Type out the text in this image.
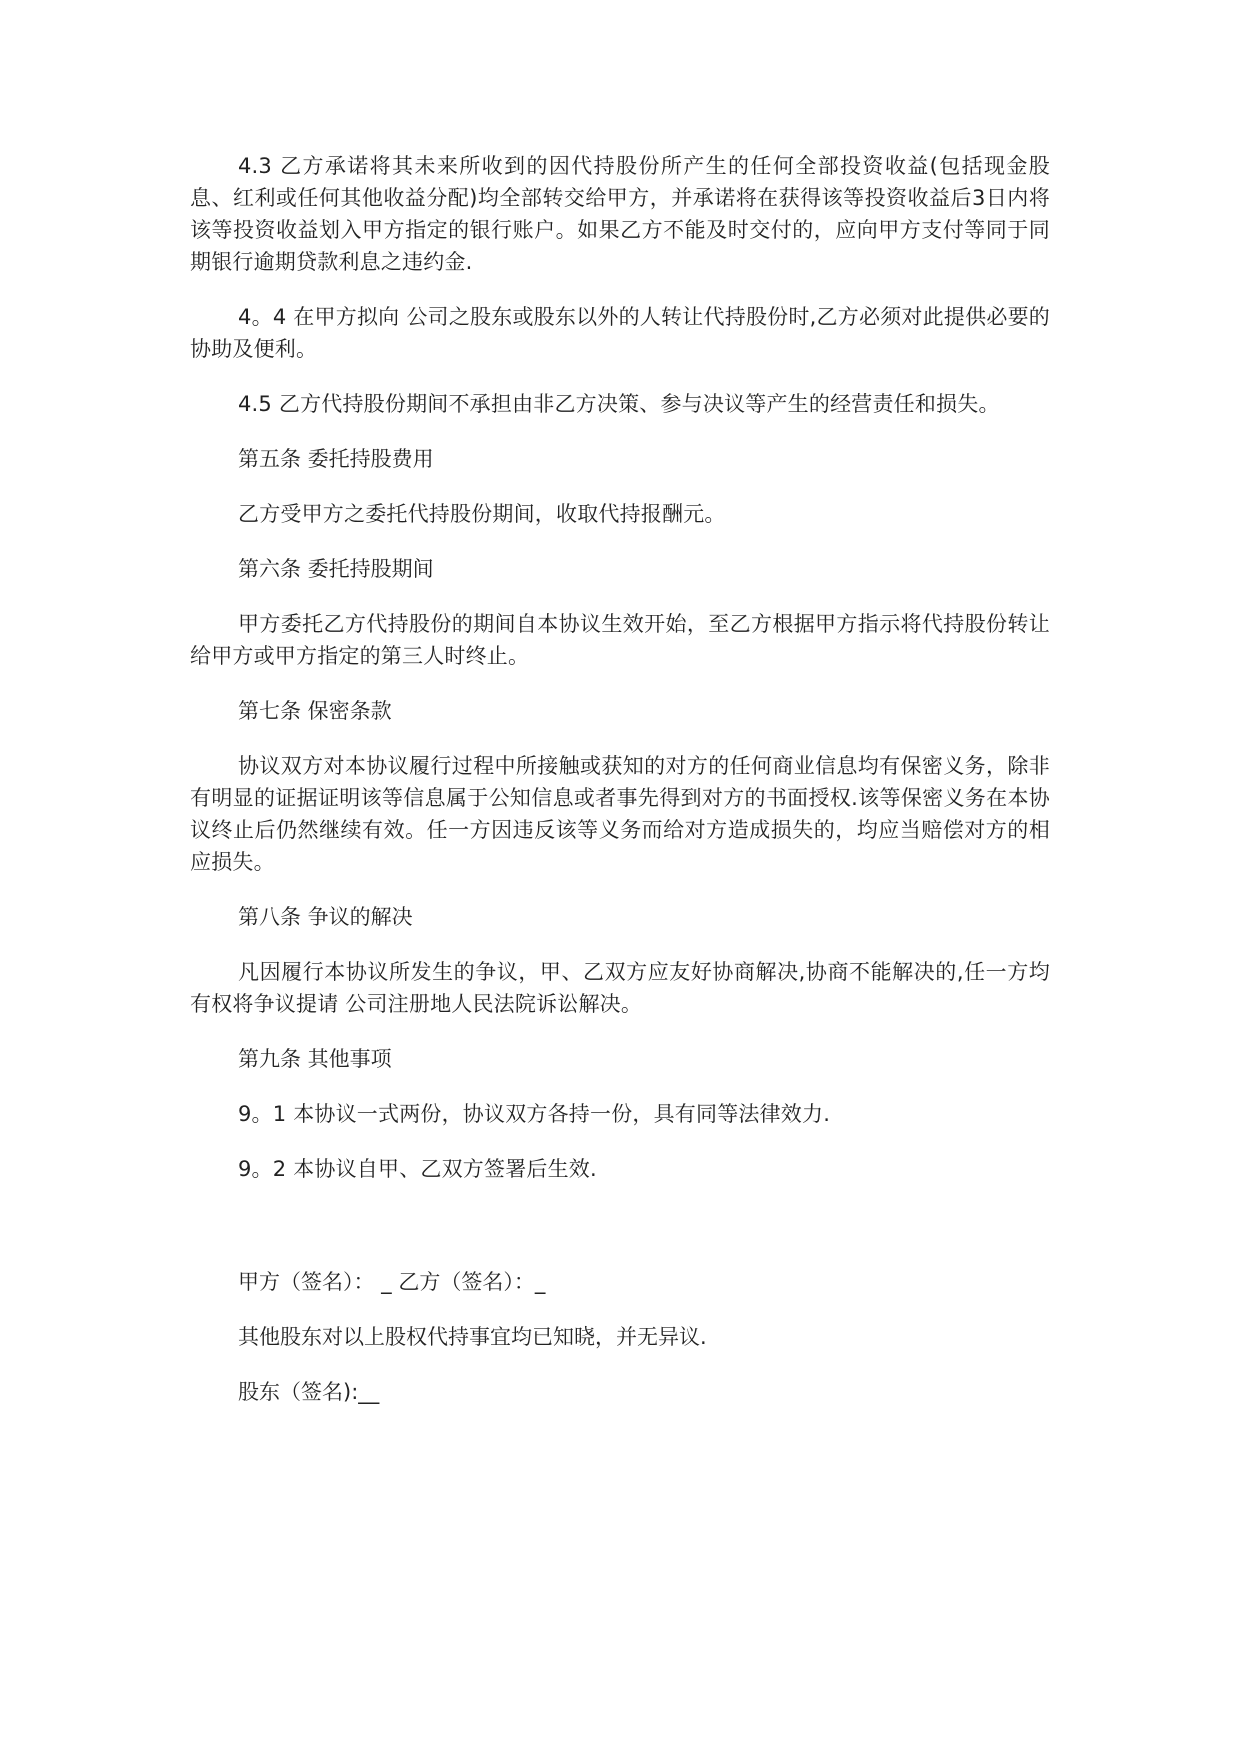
4.3 乙方承诺将其未来所收到的因代持股份所产生的任何全部投资收益(包括现金股息、红利或任何其他收益分配)均全部转交给甲方，并承诺将在获得该等投资收益后3日内将该等投资收益划入甲方指定的银行账户。如果乙方不能及时交付的，应向甲方支付等同于同期银行逾期贷款利息之违约金.

4。4 在甲方拟向 公司之股东或股东以外的人转让代持股份时,乙方必须对此提供必要的协助及便利。

4.5 乙方代持股份期间不承担由非乙方决策、参与决议等产生的经营责任和损失。

第五条 委托持股费用

乙方受甲方之委托代持股份期间，收取代持报酬元。

第六条 委托持股期间

甲方委托乙方代持股份的期间自本协议生效开始，至乙方根据甲方指示将代持股份转让给甲方或甲方指定的第三人时终止。

第七条 保密条款

协议双方对本协议履行过程中所接触或获知的对方的任何商业信息均有保密义务，除非有明显的证据证明该等信息属于公知信息或者事先得到对方的书面授权.该等保密义务在本协议终止后仍然继续有效。任一方因违反该等义务而给对方造成损失的，均应当赔偿对方的相应损失。

第八条 争议的解决

凡因履行本协议所发生的争议，甲、乙双方应友好协商解决,协商不能解决的,任一方均有权将争议提请 公司注册地人民法院诉讼解决。

第九条 其他事项

9。1 本协议一式两份，协议双方各持一份，具有同等法律效力.

9。2 本协议自甲、乙双方签署后生效.

甲方（签名）： _ 乙方（签名）：_

其他股东对以上股权代持事宜均已知晓，并无异议.

股东（签名):__
